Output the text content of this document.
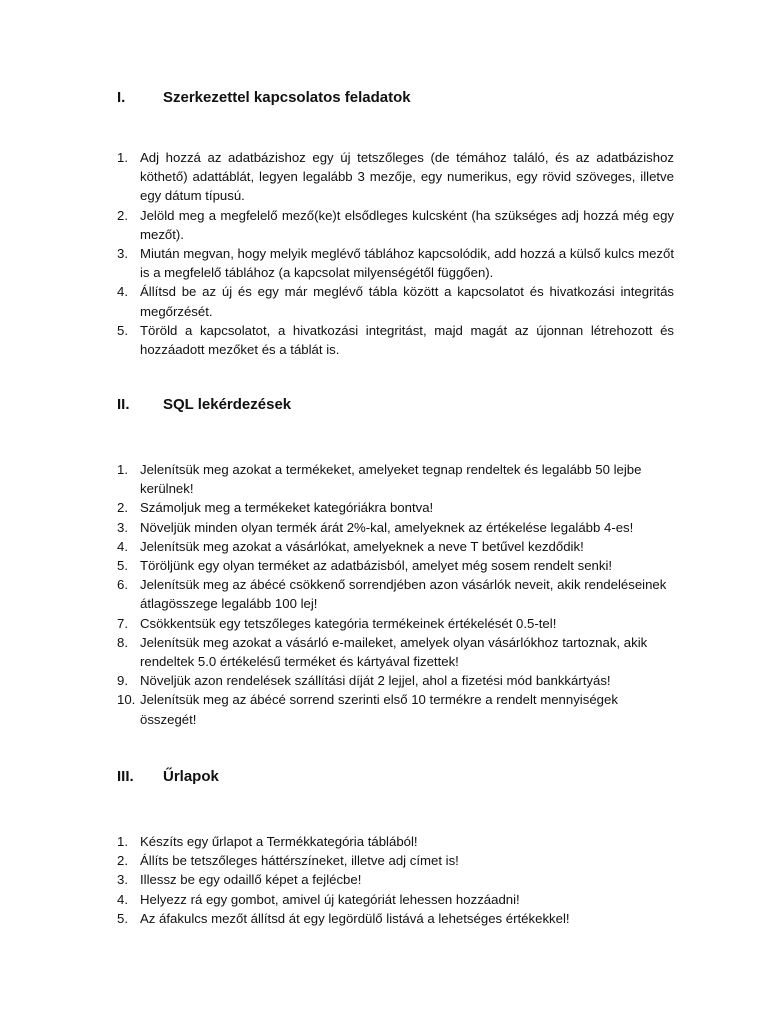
I.	Szerkezettel kapcsolatos feladatok
1. Adj hozzá az adatbázishoz egy új tetszőleges (de témához találó, és az adatbázishoz köthető) adattáblát, legyen legalább 3 mezője, egy numerikus, egy rövid szöveges, illetve egy dátum típusú.
2. Jelöld meg a megfelelő mező(ke)t elsődleges kulcsként (ha szükséges adj hozzá még egy mezőt).
3. Miután megvan, hogy melyik meglévő táblához kapcsolódik, add hozzá a külső kulcs mezőt is a megfelelő táblához (a kapcsolat milyenségétől függően).
4. Állítsd be az új és egy már meglévő tábla között a kapcsolatot és hivatkozási integritás megőrzését.
5. Töröld a kapcsolatot, a hivatkozási integritást, majd magát az újonnan létrehozott és hozzáadott mezőket és a táblát is.
II. SQL lekérdezések
1. Jelenítsük meg azokat a termékeket, amelyeket tegnap rendeltek és legalább 50 lejbe kerülnek!
2. Számoljuk meg a termékeket kategóriákra bontva!
3. Növeljük minden olyan termék árát 2%-kal, amelyeknek az értékelése legalább 4-es!
4. Jelenítsük meg azokat a vásárlókat, amelyeknek a neve T betűvel kezdődik!
5. Töröljünk egy olyan terméket az adatbázisból, amelyet még sosem rendelt senki!
6. Jelenítsük meg az ábécé csökkenő sorrendjében azon vásárlók neveit, akik rendeléseinek átlagösszege legalább 100 lej!
7. Csökkentsük egy tetszőleges kategória termékeinek értékelését 0.5-tel!
8. Jelenítsük meg azokat a vásárló e-maileket, amelyek olyan vásárlókhoz tartoznak, akik rendeltek 5.0 értékelésű terméket és kártyával fizettek!
9. Növeljük azon rendelések szállítási díját 2 lejjel, ahol a fizetési mód bankkártyás!
10. Jelenítsük meg az ábécé sorrend szerinti első 10 termékre a rendelt mennyiségek összegét!
III. Űrlapok
1. Készíts egy űrlapot a Termékkategória táblából!
2. Állíts be tetszőleges háttérszíneket, illetve adj címet is!
3. Illessz be egy odaillő képet a fejlécbe!
4. Helyezz rá egy gombot, amivel új kategóriát lehessen hozzáadni!
5. Az áfakulcs mezőt állítsd át egy legördülő listává a lehetséges értékekkel!
